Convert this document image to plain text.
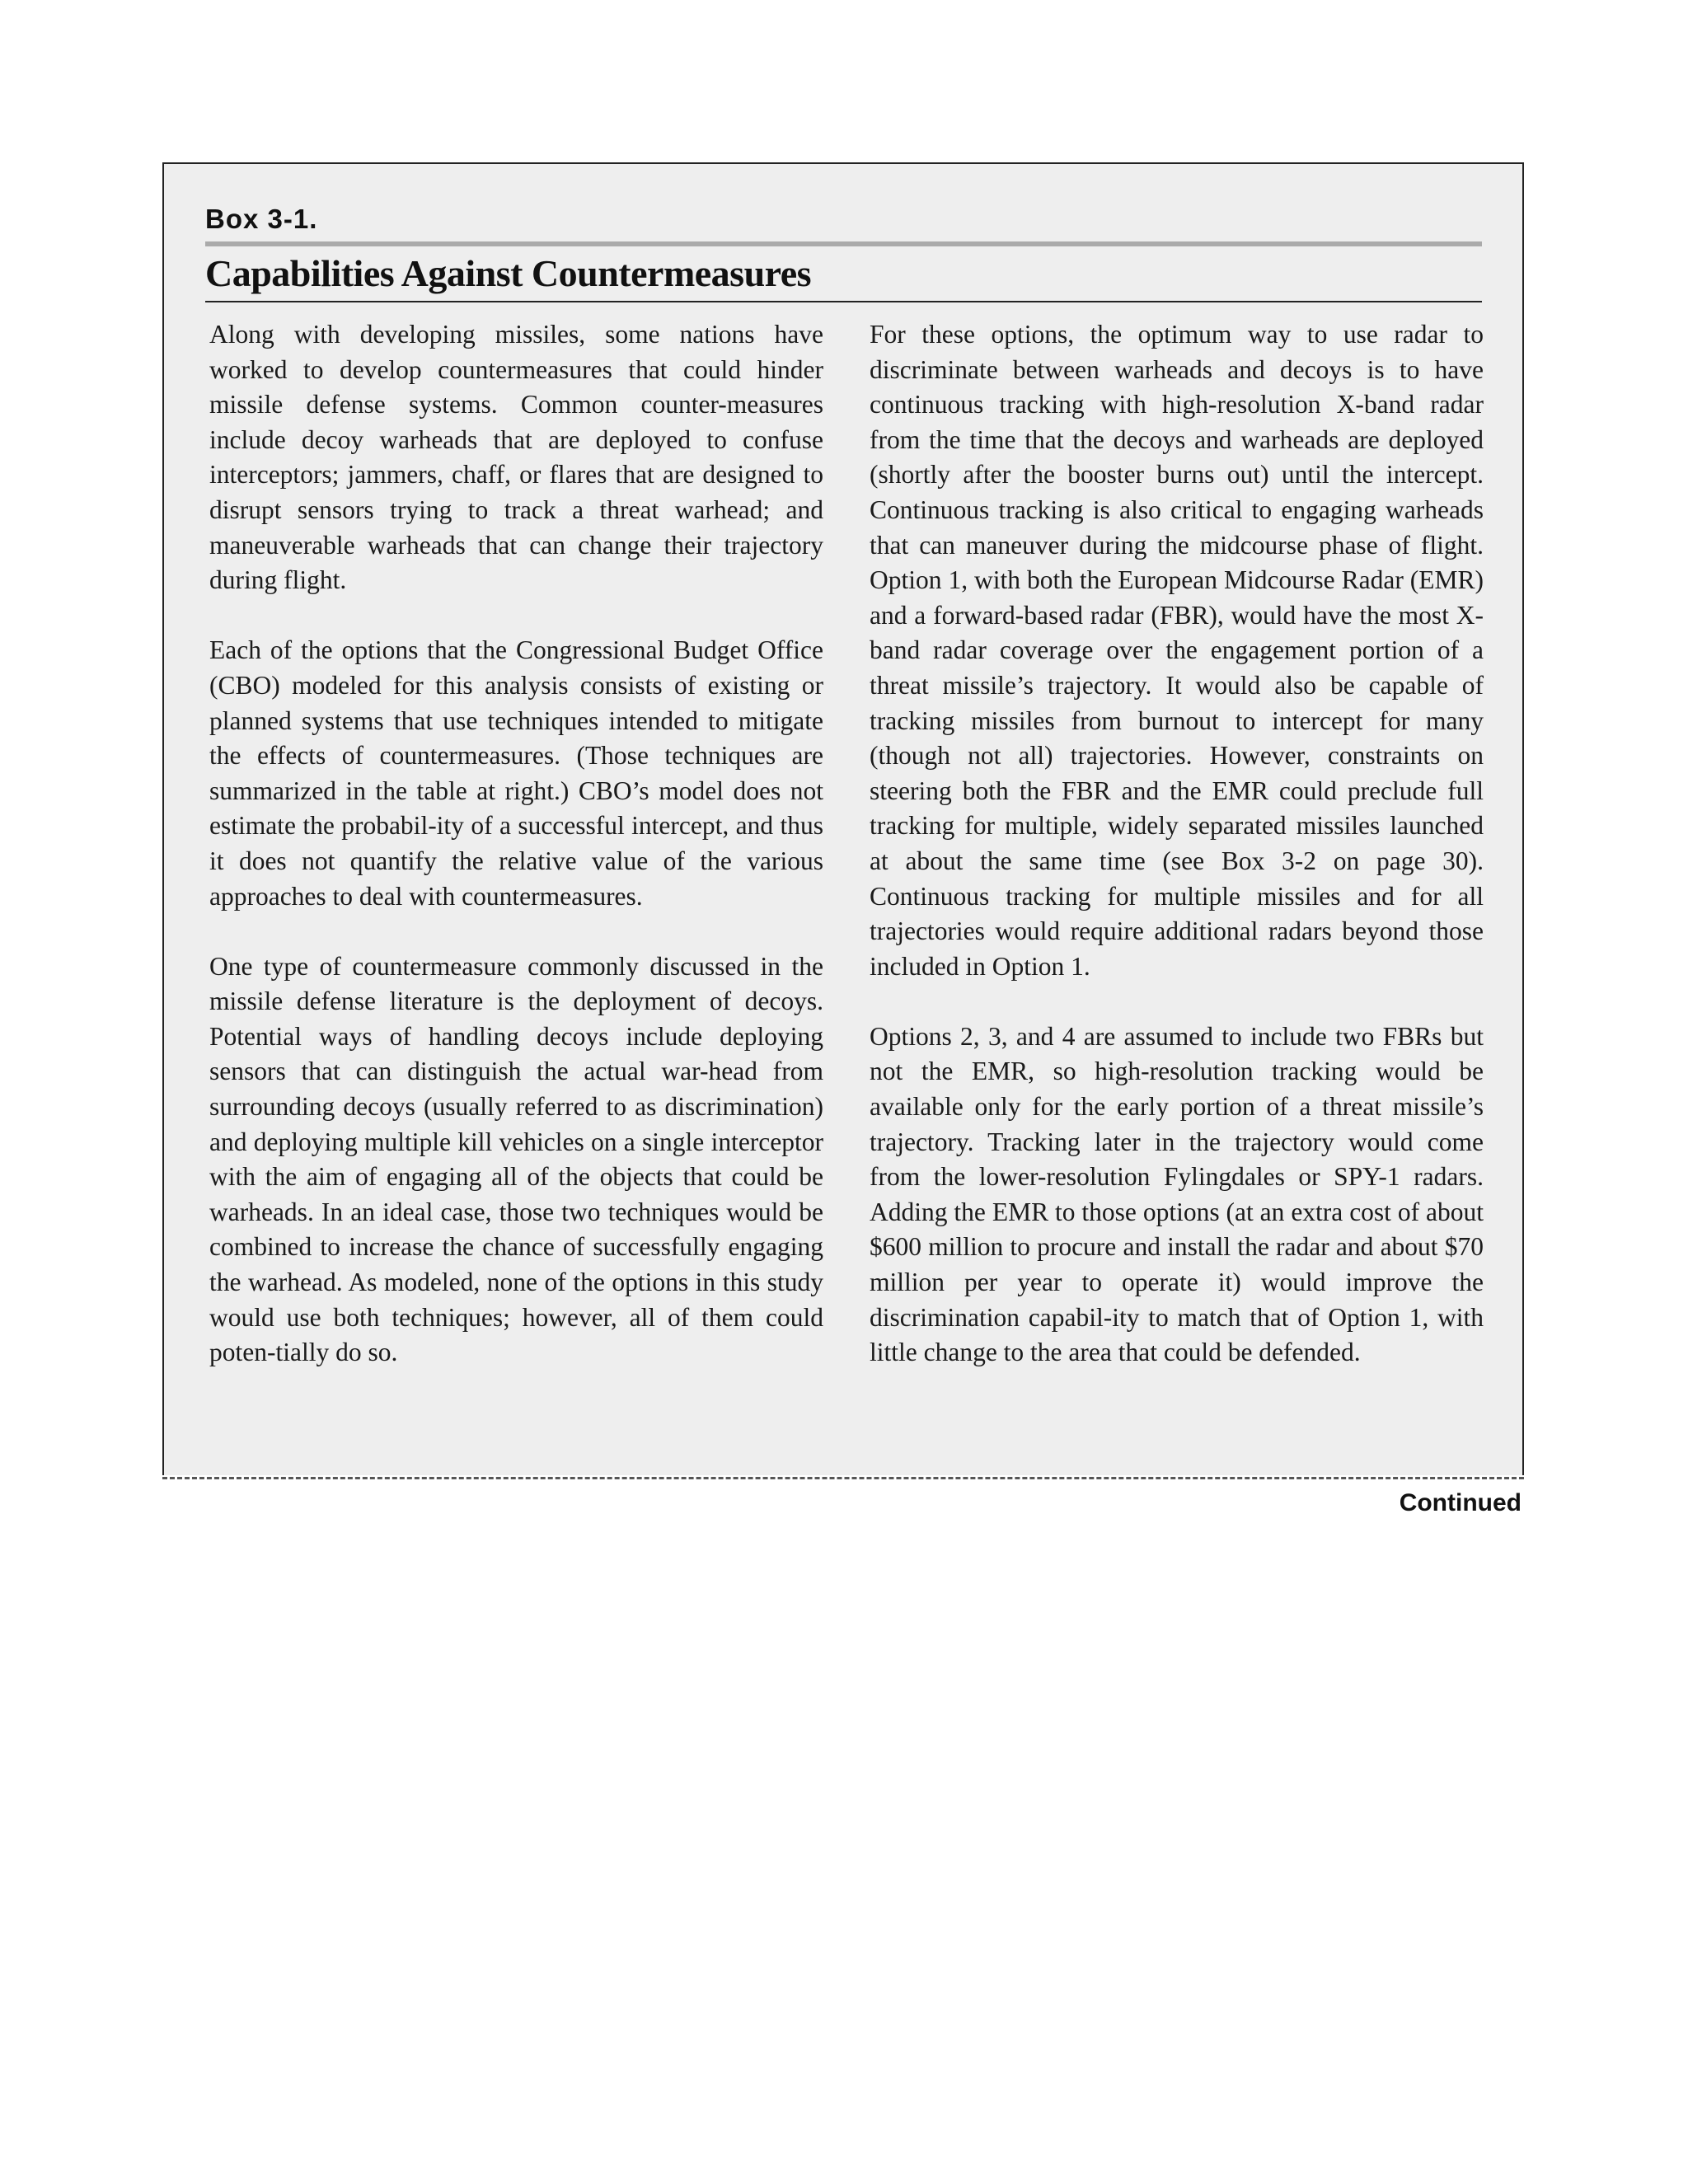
Box 3-1.
Capabilities Against Countermeasures

Along with developing missiles, some nations have worked to develop countermeasures that could hinder missile defense systems. Common counter-measures include decoy warheads that are deployed to confuse interceptors; jammers, chaff, or flares that are designed to disrupt sensors trying to track a threat warhead; and maneuverable warheads that can change their trajectory during flight.

Each of the options that the Congressional Budget Office (CBO) modeled for this analysis consists of existing or planned systems that use techniques intended to mitigate the effects of countermeasures. (Those techniques are summarized in the table at right.) CBO’s model does not estimate the probabil-ity of a successful intercept, and thus it does not quantify the relative value of the various approaches to deal with countermeasures.

One type of countermeasure commonly discussed in the missile defense literature is the deployment of decoys. Potential ways of handling decoys include deploying sensors that can distinguish the actual war-head from surrounding decoys (usually referred to as discrimination) and deploying multiple kill vehicles on a single interceptor with the aim of engaging all of the objects that could be warheads. In an ideal case, those two techniques would be combined to increase the chance of successfully engaging the warhead. As modeled, none of the options in this study would use both techniques; however, all of them could poten-tially do so.

For these options, the optimum way to use radar to discriminate between warheads and decoys is to have continuous tracking with high-resolution X-band radar from the time that the decoys and warheads are deployed (shortly after the booster burns out) until the intercept. Continuous tracking is also critical to engaging warheads that can maneuver during the midcourse phase of flight. Option 1, with both the European Midcourse Radar (EMR) and a forward-based radar (FBR), would have the most X-band radar coverage over the engagement portion of a threat missile’s trajectory. It would also be capable of tracking missiles from burnout to intercept for many (though not all) trajectories. However, constraints on steering both the FBR and the EMR could preclude full tracking for multiple, widely separated missiles launched at about the same time (see Box 3-2 on page 30). Continuous tracking for multiple missiles and for all trajectories would require additional radars beyond those included in Option 1.

Options 2, 3, and 4 are assumed to include two FBRs but not the EMR, so high-resolution tracking would be available only for the early portion of a threat missile’s trajectory. Tracking later in the trajectory would come from the lower-resolution Fylingdales or SPY-1 radars. Adding the EMR to those options (at an extra cost of about $600 million to procure and install the radar and about $70 million per year to operate it) would improve the discrimination capabil-ity to match that of Option 1, with little change to the area that could be defended.

Continued
